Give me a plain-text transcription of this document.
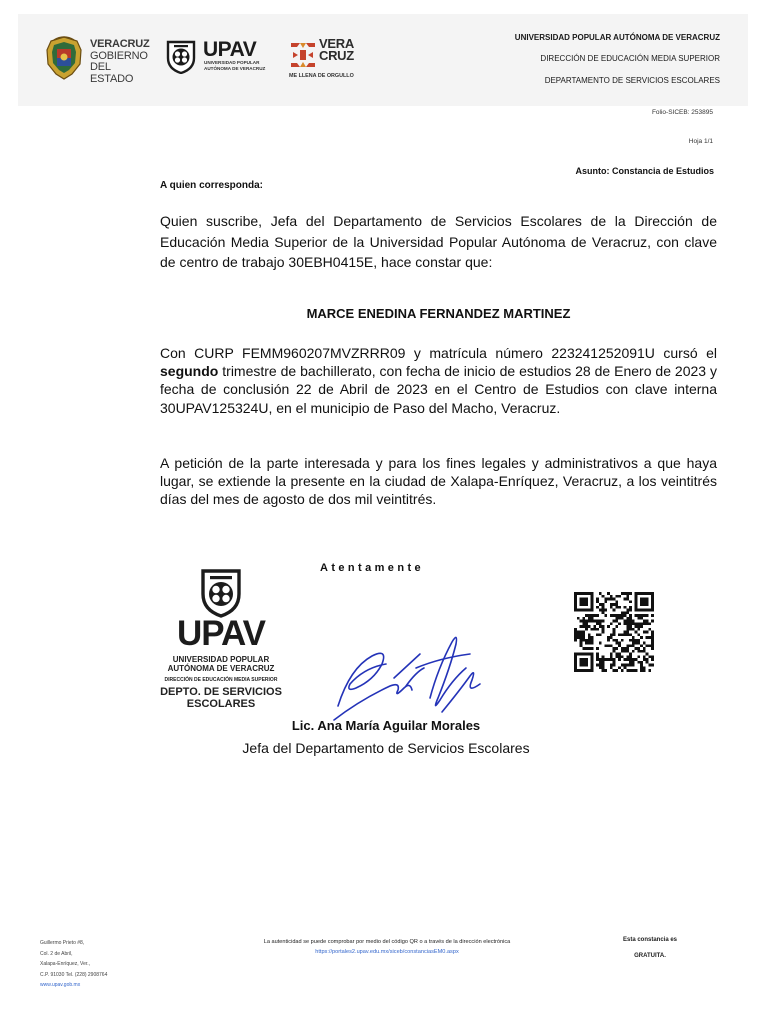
VERACRUZ
GOBIERNO
DEL ESTADO
UPAV
UNIVERSIDAD POPULAR
AUTÓNOMA DE VERACRUZ
VERA
CRUZ
ME LLENA DE ORGULLO
UNIVERSIDAD POPULAR AUTÓNOMA DE VERACRUZ
DIRECCIÓN DE EDUCACIÓN MEDIA SUPERIOR
DEPARTAMENTO DE SERVICIOS ESCOLARES
Folio-SICEB: 253895
Hoja 1/1
Asunto: Constancia de Estudios
A quien corresponda:

Quien suscribe, Jefa del Departamento de Servicios Escolares de la Dirección de Educación Media Superior de la Universidad Popular Autónoma de Veracruz, con clave de centro de trabajo 30EBH0415E, hace constar que:

MARCE ENEDINA FERNANDEZ MARTINEZ

Con CURP FEMM960207MVZRRR09 y matrícula número 223241252091U cursó el segundo trimestre de bachillerato, con fecha de inicio de estudios 28 de Enero de 2023 y fecha de conclusión 22 de Abril de 2023 en el Centro de Estudios con clave interna 30UPAV125324U, en el municipio de Paso del Macho, Veracruz.

A petición de la parte interesada y para los fines legales y administrativos a que haya lugar, se extiende la presente en la ciudad de Xalapa-Enríquez, Veracruz, a los veintitrés días del mes de agosto de dos mil veintitrés.

Atentamente
UPAV
UNIVERSIDAD POPULAR
AUTÓNOMA DE VERACRUZ
DIRECCIÓN DE EDUCACIÓN MEDIA SUPERIOR
DEPTO. DE SERVICIOS
ESCOLARES
Lic. Ana María Aguilar Morales
Jefa del Departamento de Servicios Escolares
Guillermo Prieto #8,
Col. 2 de Abril,
Xalapa-Enríquez, Ver.,
C.P. 91030 Tel. (228) 2908764
www.upav.gob.mx
La autenticidad se puede comprobar por medio del código QR o a través de la dirección electrónica
https://portales2.upav.edu.mx/siceb/constanciasEM0.aspx
Esta constancia es
GRATUITA.
